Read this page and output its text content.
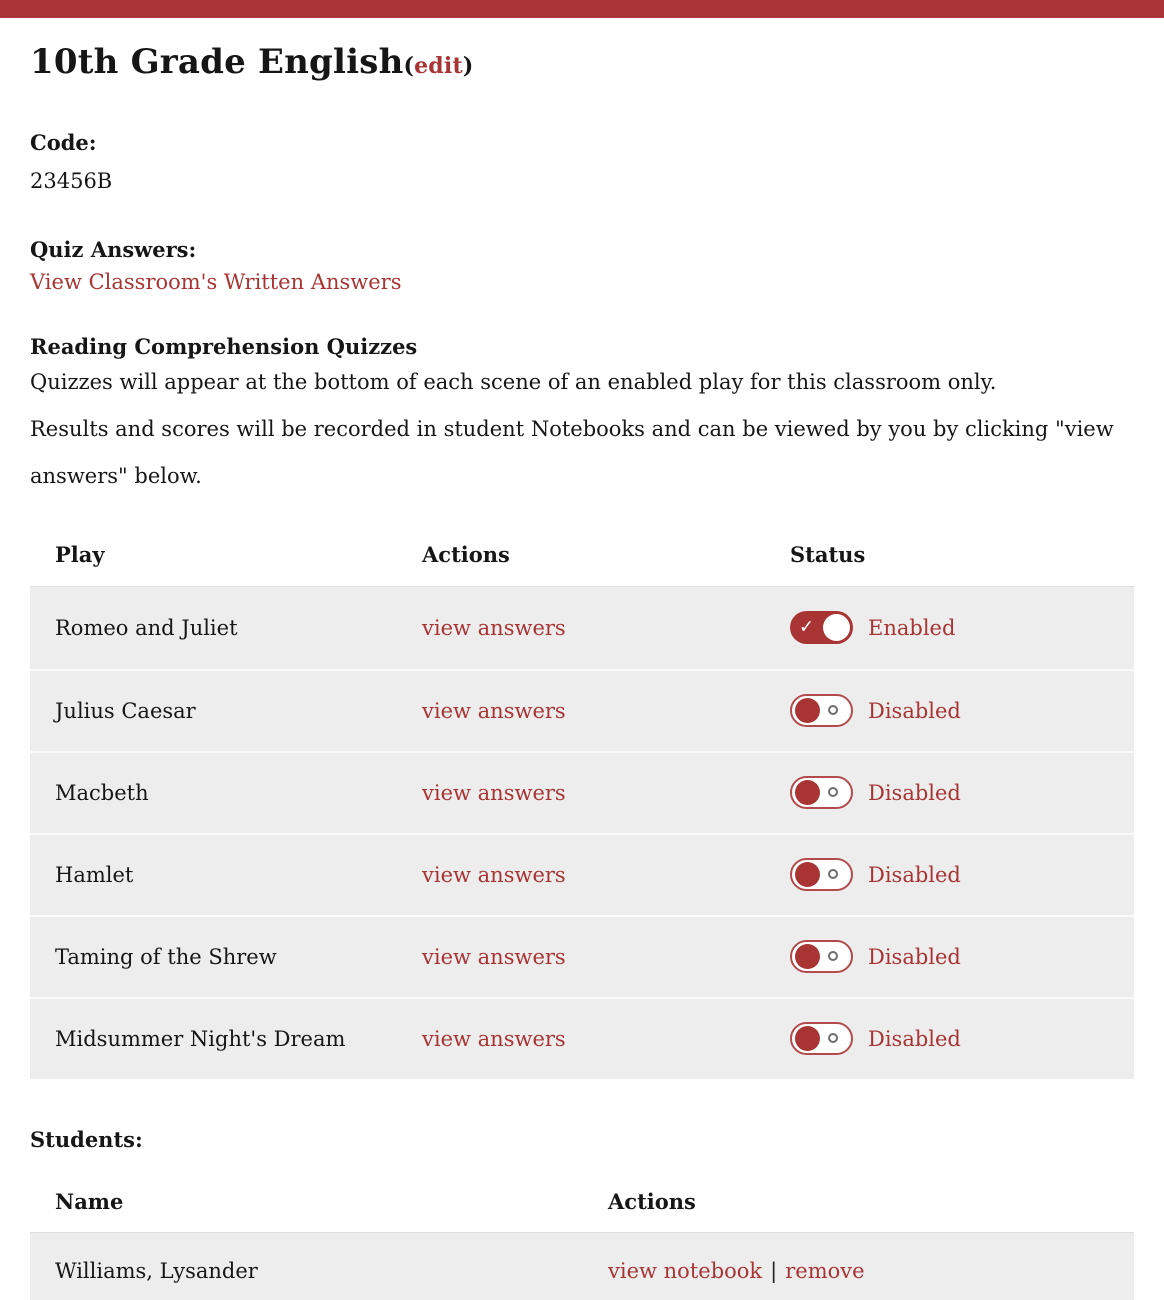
10th Grade English(edit)
Code:
23456B
Quiz Answers:
View Classroom's Written Answers
Reading Comprehension Quizzes

Quizzes will appear at the bottom of each scene of an enabled play for this classroom only.

Results and scores will be recorded in student Notebooks and can be viewed by you by clicking "view answers" below.

Play	Actions	Status
Romeo and Juliet	view answers	✓	Enabled
Julius Caesar	view answers	Disabled
Macbeth	view answers	Disabled
Hamlet	view answers	Disabled
Taming of the Shrew	view answers	Disabled
Midsummer Night's Dream	view answers	Disabled
Students:
Name	Actions
Williams, Lysander	view notebook | remove
